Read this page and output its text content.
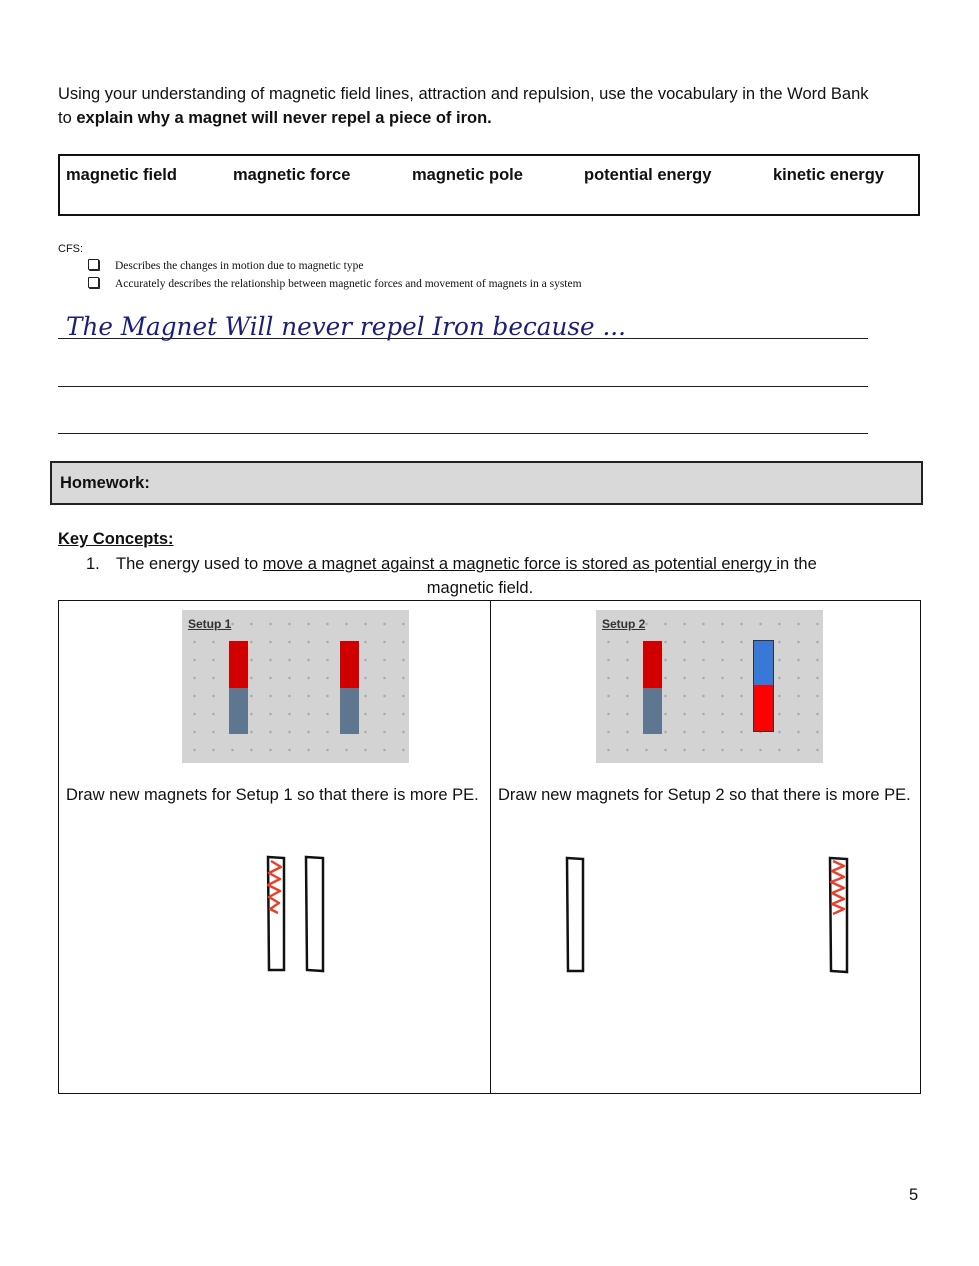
Using your understanding of magnetic field lines, attraction and repulsion, use the vocabulary in the Word Bank
to explain why a magnet will never repel a piece of iron.
magnetic field	magnetic force	magnetic pole	potential energy	kinetic energy
CFS:
Describes the changes in motion due to magnetic type
Accurately describes the relationship between magnetic forces and movement of magnets in a system
The Magnet Will never repel Iron because ...
Homework:
Key Concepts:
1. The energy used to move a magnet against a magnetic force is stored as potential energy in the
magnetic field.
Setup 1
Draw new magnets for Setup 1 so that there is more PE.
Setup 2
Draw new magnets for Setup 2 so that there is more PE.
5
